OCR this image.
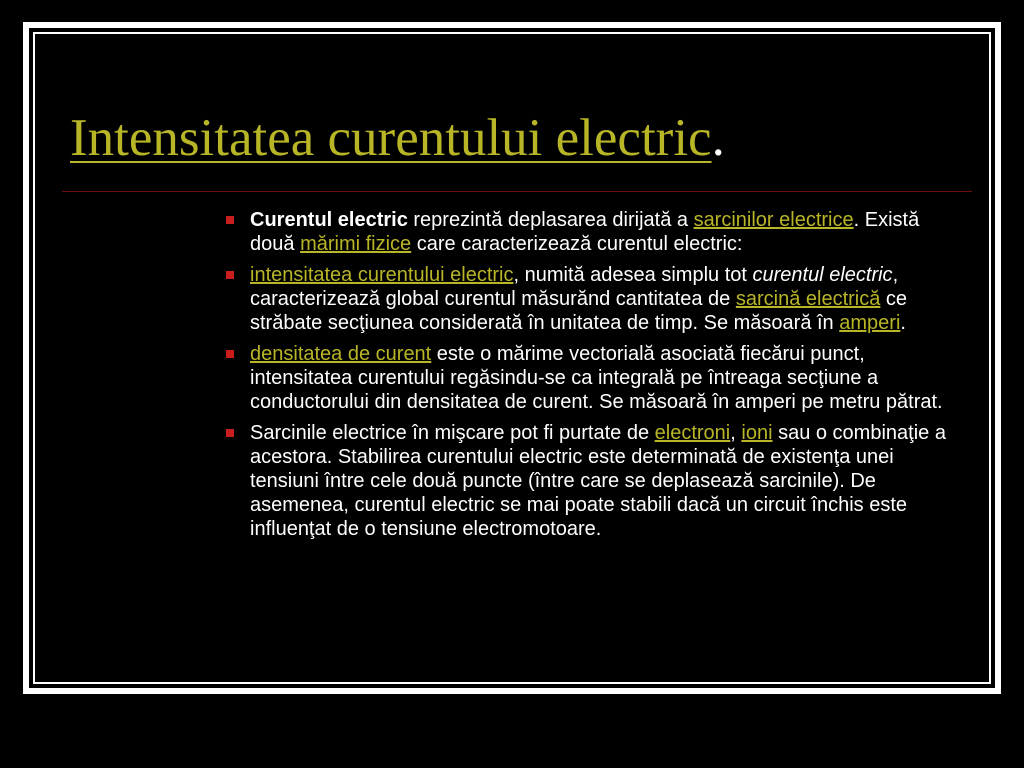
Intensitatea curentului electric.
Curentul electric reprezintă deplasarea dirijată a sarcinilor electrice. Există două mărimi fizice care caracterizează curentul electric:
intensitatea curentului electric, numită adesea simplu tot curentul electric, caracterizează global curentul măsurănd cantitatea de sarcină electrică ce străbate secţiunea considerată în unitatea de timp. Se măsoară în amperi.
densitatea de curent este o mărime vectorială asociată fiecărui punct, intensitatea curentului regăsindu-se ca integrală pe întreaga secţiune a conductorului din densitatea de curent. Se măsoară în amperi pe metru pătrat.
Sarcinile electrice în mişcare pot fi purtate de electroni, ioni sau o combinaţie a acestora. Stabilirea curentului electric este determinată de existenţa unei tensiuni între cele două puncte (între care se deplasează sarcinile). De asemenea, curentul electric se mai poate stabili dacă un circuit închis este influenţat de o tensiune electromotoare.
